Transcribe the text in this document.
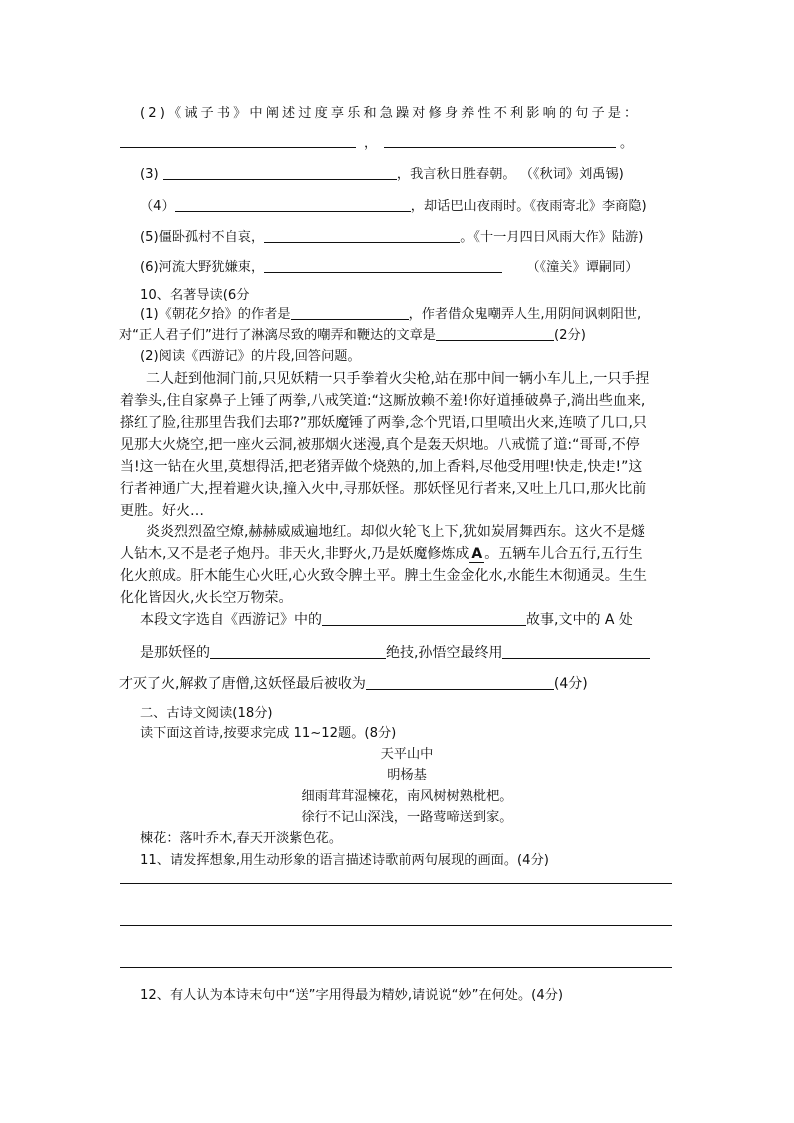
(2)《诫子书》中阐述过度享乐和急躁对修身养性不利影响的句子是：
，	。
(3)	，我言秋日胜春朝。 （《秋词》刘禹锡)
（4）	，却话巴山夜雨时。《夜雨寄北》李商隐)
(5)僵卧孤村不自哀，	。《十一月四日风雨大作》陆游)
(6)河流大野犹嫌束，	（《潼关》谭嗣同）
10、名著导读(6分
(1)《朝花夕拾》的作者是	，作者借众鬼嘲弄人生,用阴间讽刺阳世,
对“正人君子们”进行了淋漓尽致的嘲弄和鞭达的文章是	(2分)
(2)阅读《西游记》的片段,回答问题。
二人赶到他洞门前,只见妖精一只手拳着火尖枪,站在那中间一辆小车儿上,一只手捏
着拳头,住自家鼻子上锤了两拳,八戒笑道:“这厮放赖不羞!你好道捶破鼻子,淌出些血来,
搽红了脸,往那里告我们去耶?”那妖魔锤了两拳,念个咒语,口里喷出火来,连喷了几口,只
见那大火烧空,把一座火云洞,被那烟火迷漫,真个是轰天炽地。八戒慌了道:“哥哥,不停
当!这一钻在火里,莫想得活,把老猪弄做个烧熟的,加上香料,尽他受用哩!快走,快走!”这
行者神通广大,捏着避火诀,撞入火中,寻那妖怪。那妖怪见行者来,又吐上几口,那火比前
更胜。好火…
炎炎烈烈盈空燎,赫赫威威遍地红。却似火轮飞上下,犹如炭屑舞西东。这火不是燧
人钻木,又不是老子炮丹。非天火,非野火,乃是妖魔修炼成 A 。五辆车儿合五行,五行生
化火煎成。肝木能生心火旺,心火致令脾土平。脾土生金金化水,水能生木彻通灵。生生
化化皆因火,火长空万物荣。
本段文字选自《西游记》中的	故事,文中的 A 处
是那妖怪的	绝技,孙悟空最终用
才灭了火,解救了唐僧,这妖怪最后被收为	(4分)
二、古诗文阅读(18分)
读下面这首诗,按要求完成 11~12题。(8分)
天平山中
明杨基
细雨茸茸湿楝花，南风树树熟枇杷。
徐行不记山深浅，一路莺啼送到家。
楝花：落叶乔木,春天开淡紫色花。
11、请发挥想象,用生动形象的语言描述诗歌前两句展现的画面。(4分)
12、有人认为本诗末句中“送”字用得最为精妙,请说说“妙”在何处。(4分)
